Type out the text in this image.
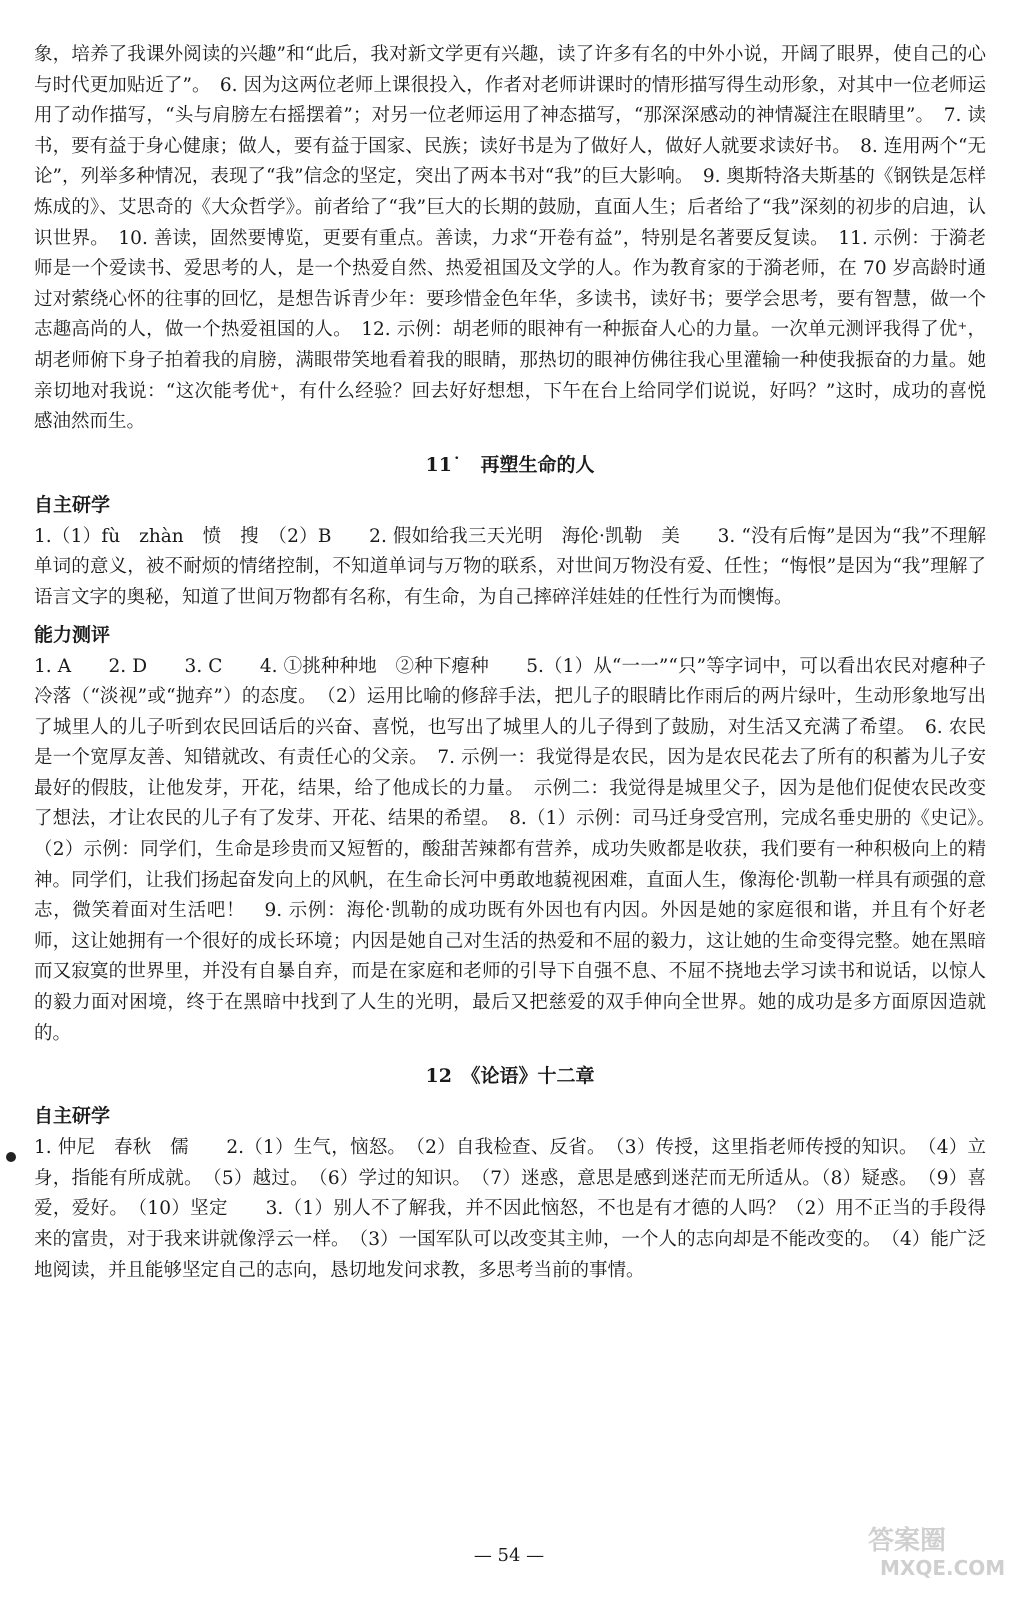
象，培养了我课外阅读的兴趣”和“此后，我对新文学更有兴趣，读了许多有名的中外小说，开阔了眼界，使自己的心与时代更加贴近了”。　6. 因为这两位老师上课很投入，作者对老师讲课时的情形描写得生动形象，对其中一位老师运用了动作描写，“头与肩膀左右摇摆着”；对另一位老师运用了神态描写，“那深深感动的神情凝注在眼睛里”。　7. 读书，要有益于身心健康；做人，要有益于国家、民族；读好书是为了做好人，做好人就要求读好书。　8. 连用两个“无论”，列举多种情况，表现了“我”信念的坚定，突出了两本书对“我”的巨大影响。　9. 奥斯特洛夫斯基的《钢铁是怎样炼成的》、艾思奇的《大众哲学》。前者给了“我”巨大的长期的鼓励，直面人生；后者给了“我”深刻的初步的启迪，认识世界。　10. 善读，固然要博览，更要有重点。善读，力求“开卷有益”，特别是名著要反复读。　11. 示例：于漪老师是一个爱读书、爱思考的人，是一个热爱自然、热爱祖国及文学的人。作为教育家的于漪老师，在 70 岁高龄时通过对萦绕心怀的往事的回忆，是想告诉青少年：要珍惜金色年华，多读书，读好书；要学会思考，要有智慧，做一个志趣高尚的人，做一个热爱祖国的人。　12. 示例：胡老师的眼神有一种振奋人心的力量。一次单元测评我得了优⁺，胡老师俯下身子拍着我的肩膀，满眼带笑地看着我的眼睛，那热切的眼神仿佛往我心里灌输一种使我振奋的力量。她亲切地对我说：“这次能考优⁺，有什么经验？回去好好想想，下午在台上给同学们说说，好吗？”这时，成功的喜悦感油然而生。

11˙　再塑生命的人
自主研学

1.（1）fù　zhàn　愤　搜　（2）B　　2. 假如给我三天光明　海伦·凯勒　美　　3. “没有后悔”是因为“我”不理解单词的意义，被不耐烦的情绪控制，不知道单词与万物的联系，对世间万物没有爱、任性；“悔恨”是因为“我”理解了语言文字的奥秘，知道了世间万物都有名称，有生命，为自己摔碎洋娃娃的任性行为而懊悔。

能力测评

1. A　　2. D　　3. C　　4. ①挑种种地　②种下瘪种　　5.（1）从“一一”“只”等字词中，可以看出农民对瘪种子冷落（“淡视”或“抛弃”）的态度。　（2）运用比喻的修辞手法，把儿子的眼睛比作雨后的两片绿叶，生动形象地写出了城里人的儿子听到农民回话后的兴奋、喜悦，也写出了城里人的儿子得到了鼓励，对生活又充满了希望。　6. 农民是一个宽厚友善、知错就改、有责任心的父亲。　7. 示例一：我觉得是农民，因为是农民花去了所有的积蓄为儿子安最好的假肢，让他发芽，开花，结果，给了他成长的力量。　示例二：我觉得是城里父子，因为是他们促使农民改变了想法，才让农民的儿子有了发芽、开花、结果的希望。　8.（1）示例：司马迁身受宫刑，完成名垂史册的《史记》。　（2）示例：同学们，生命是珍贵而又短暂的，酸甜苦辣都有营养，成功失败都是收获，我们要有一种积极向上的精神。同学们，让我们扬起奋发向上的风帆，在生命长河中勇敢地藐视困难，直面人生，像海伦·凯勒一样具有顽强的意志，微笑着面对生活吧！　9. 示例：海伦·凯勒的成功既有外因也有内因。外因是她的家庭很和谐，并且有个好老师，这让她拥有一个很好的成长环境；内因是她自己对生活的热爱和不屈的毅力，这让她的生命变得完整。她在黑暗而又寂寞的世界里，并没有自暴自弃，而是在家庭和老师的引导下自强不息、不屈不挠地去学习读书和说话，以惊人的毅力面对困境，终于在黑暗中找到了人生的光明，最后又把慈爱的双手伸向全世界。她的成功是多方面原因造就的。

12　《论语》十二章
自主研学

1. 仲尼　春秋　儒　　2.（1）生气，恼怒。　（2）自我检查、反省。　（3）传授，这里指老师传授的知识。　（4）立身，指能有所成就。　（5）越过。　（6）学过的知识。　（7）迷惑，意思是感到迷茫而无所适从。（8）疑惑。　（9）喜爱，爱好。　（10）坚定　　3.（1）别人不了解我，并不因此恼怒，不也是有才德的人吗？（2）用不正当的手段得来的富贵，对于我来讲就像浮云一样。　（3）一国军队可以改变其主帅，一个人的志向却是不能改变的。　（4）能广泛地阅读，并且能够坚定自己的志向，恳切地发问求教，多思考当前的事情。

— 54 —	答案圈
MXQE.COM
